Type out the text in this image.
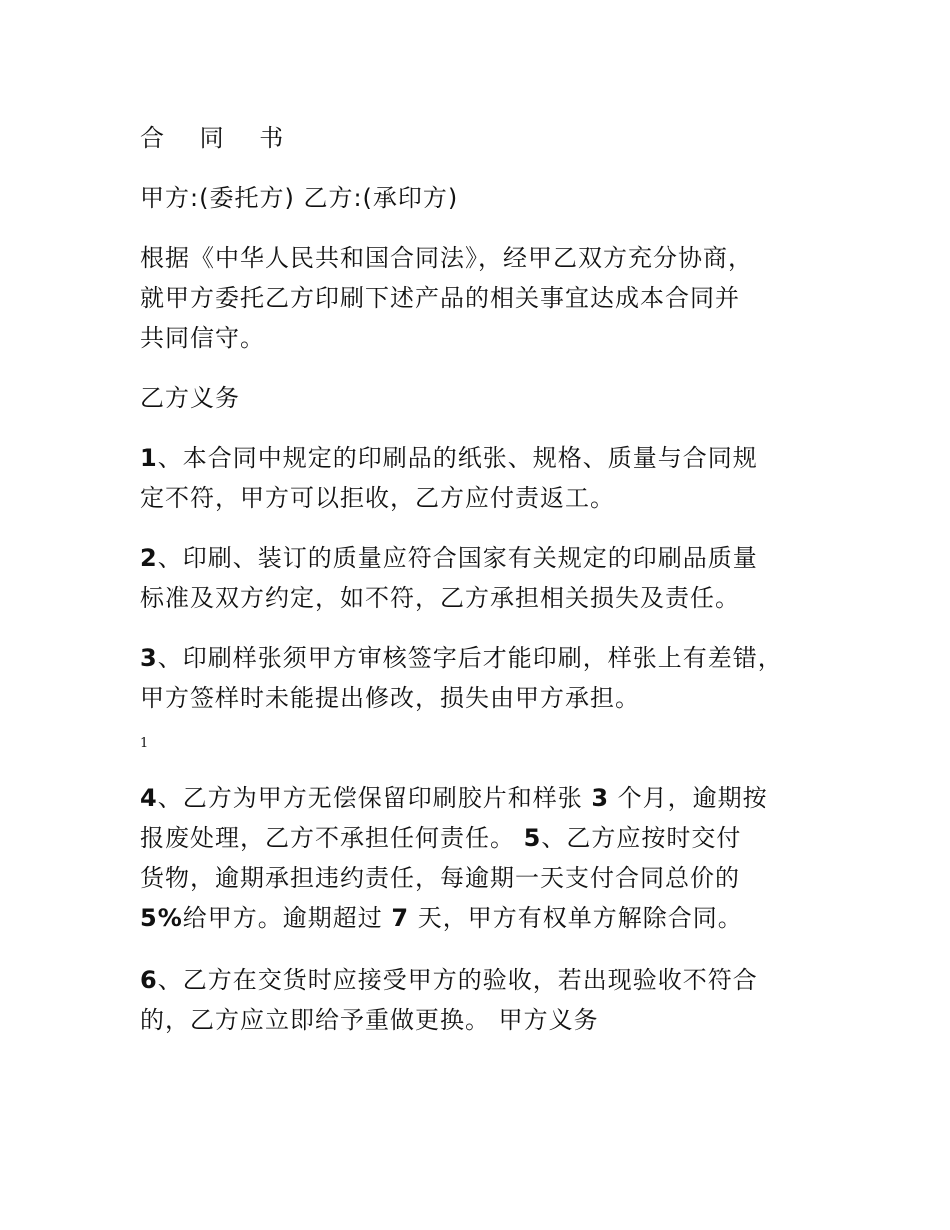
合 同 书
甲方:(委托方) 乙方:(承印方)
根据《中华人民共和国合同法》，经甲乙双方充分协商，
就甲方委托乙方印刷下述产品的相关事宜达成本合同并
共同信守。
乙方义务
1、本合同中规定的印刷品的纸张、规格、质量与合同规
定不符，甲方可以拒收，乙方应付责返工。
2、印刷、装订的质量应符合国家有关规定的印刷品质量
标准及双方约定，如不符，乙方承担相关损失及责任。
3、印刷样张须甲方审核签字后才能印刷，样张上有差错，
甲方签样时未能提出修改，损失由甲方承担。
1
4、乙方为甲方无偿保留印刷胶片和样张 3 个月，逾期按
报废处理，乙方不承担任何责任。 5、乙方应按时交付
货物，逾期承担违约责任，每逾期一天支付合同总价的
5%给甲方。逾期超过 7 天，甲方有权单方解除合同。
6、乙方在交货时应接受甲方的验收，若出现验收不符合
的，乙方应立即给予重做更换。 甲方义务
